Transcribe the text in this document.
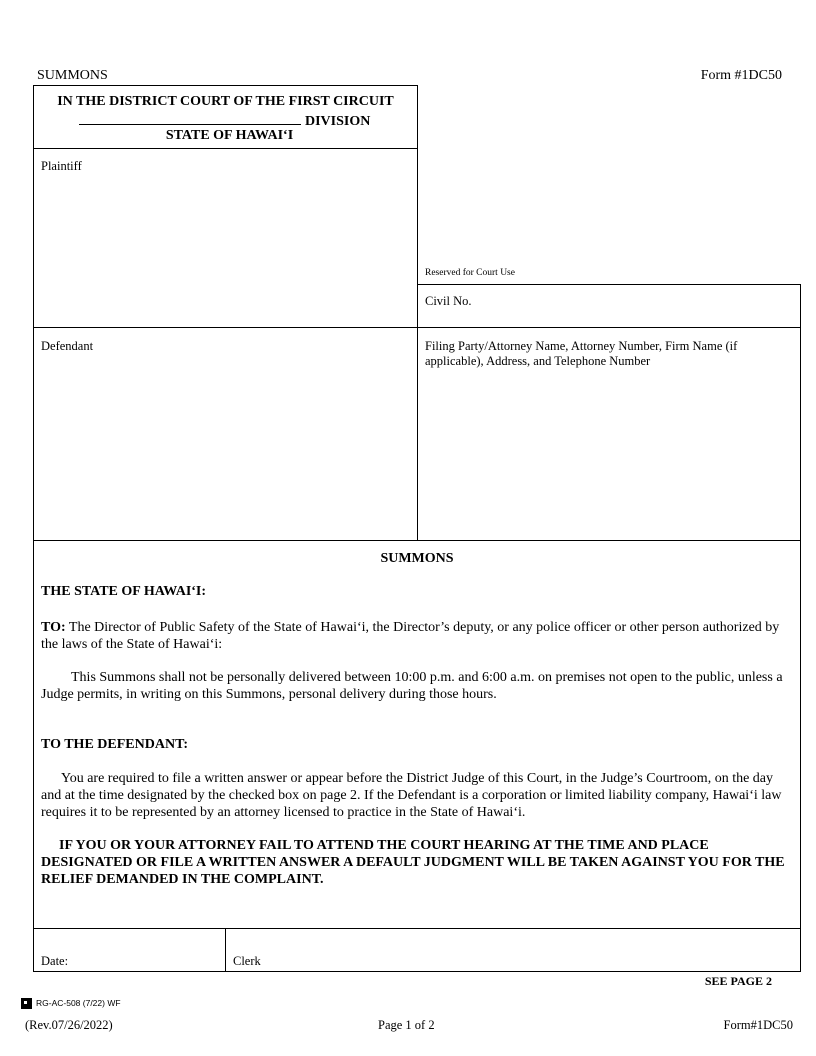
SUMMONS	Form #1DC50
IN THE DISTRICT COURT OF THE FIRST CIRCUIT
DIVISION
STATE OF HAWAI‘I
Reserved for Court Use
Civil No.
Plaintiff
Defendant	Filing Party/Attorney Name, Attorney Number, Firm Name (if applicable), Address, and Telephone Number
SUMMONS
THE STATE OF HAWAI‘I:
TO: The Director of Public Safety of the State of Hawai‘i, the Director’s deputy, or any police officer or other person authorized by the laws of the State of Hawai‘i:
This Summons shall not be personally delivered between 10:00 p.m. and 6:00 a.m. on premises not open to the public, unless a Judge permits, in writing on this Summons, personal delivery during those hours.
TO THE DEFENDANT:
You are required to file a written answer or appear before the District Judge of this Court, in the Judge’s Courtroom, on the day and at the time designated by the checked box on page 2. If the Defendant is a corporation or limited liability company, Hawai‘i law requires it to be represented by an attorney licensed to practice in the State of Hawai‘i.
IF YOU OR YOUR ATTORNEY FAIL TO ATTEND THE COURT HEARING AT THE TIME AND PLACE DESIGNATED OR FILE A WRITTEN ANSWER A DEFAULT JUDGMENT WILL BE TAKEN AGAINST YOU FOR THE RELIEF DEMANDED IN THE COMPLAINT.
Date:	Clerk
SEE PAGE 2
RG-AC-508 (7/22) WF
(Rev.07/26/2022)	Page 1 of 2	Form#1DC50
